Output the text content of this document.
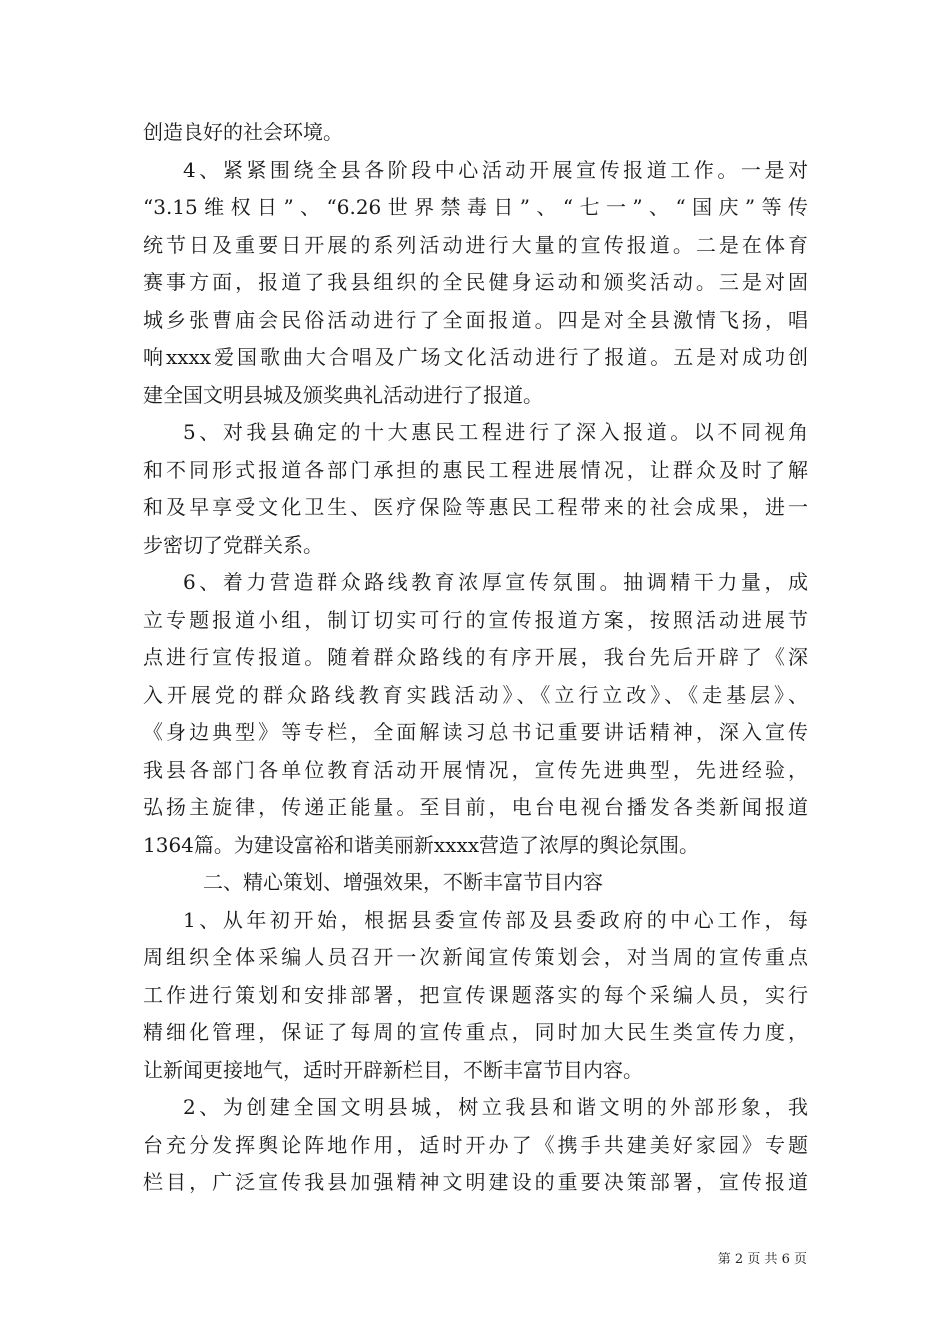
创造良好的社会环境。
4、紧紧围绕全县各阶段中心活动开展宣传报道工作。一是对
“3.15维权日”、“6.26世界禁毒日”、“七一”、“国庆”等传
统节日及重要日开展的系列活动进行大量的宣传报道。二是在体育
赛事方面，报道了我县组织的全民健身运动和颁奖活动。三是对固
城乡张曹庙会民俗活动进行了全面报道。四是对全县激情飞扬，唱
响xxxx爱国歌曲大合唱及广场文化活动进行了报道。五是对成功创
建全国文明县城及颁奖典礼活动进行了报道。
5、对我县确定的十大惠民工程进行了深入报道。以不同视角
和不同形式报道各部门承担的惠民工程进展情况，让群众及时了解
和及早享受文化卫生、医疗保险等惠民工程带来的社会成果，进一
步密切了党群关系。
6、着力营造群众路线教育浓厚宣传氛围。抽调精干力量，成
立专题报道小组，制订切实可行的宣传报道方案，按照活动进展节
点进行宣传报道。随着群众路线的有序开展，我台先后开辟了《深
入开展党的群众路线教育实践活动》、《立行立改》、《走基层》、
《身边典型》等专栏，全面解读习总书记重要讲话精神，深入宣传
我县各部门各单位教育活动开展情况，宣传先进典型，先进经验，
弘扬主旋律，传递正能量。至目前，电台电视台播发各类新闻报道
1364篇。为建设富裕和谐美丽新xxxx营造了浓厚的舆论氛围。
二、精心策划、增强效果，不断丰富节目内容
1、从年初开始，根据县委宣传部及县委政府的中心工作，每
周组织全体采编人员召开一次新闻宣传策划会，对当周的宣传重点
工作进行策划和安排部署，把宣传课题落实的每个采编人员，实行
精细化管理，保证了每周的宣传重点，同时加大民生类宣传力度，
让新闻更接地气，适时开辟新栏目，不断丰富节目内容。
2、为创建全国文明县城，树立我县和谐文明的外部形象，我
台充分发挥舆论阵地作用，适时开办了《携手共建美好家园》专题
栏目，广泛宣传我县加强精神文明建设的重要决策部署，宣传报道
第 2 页 共 6 页
